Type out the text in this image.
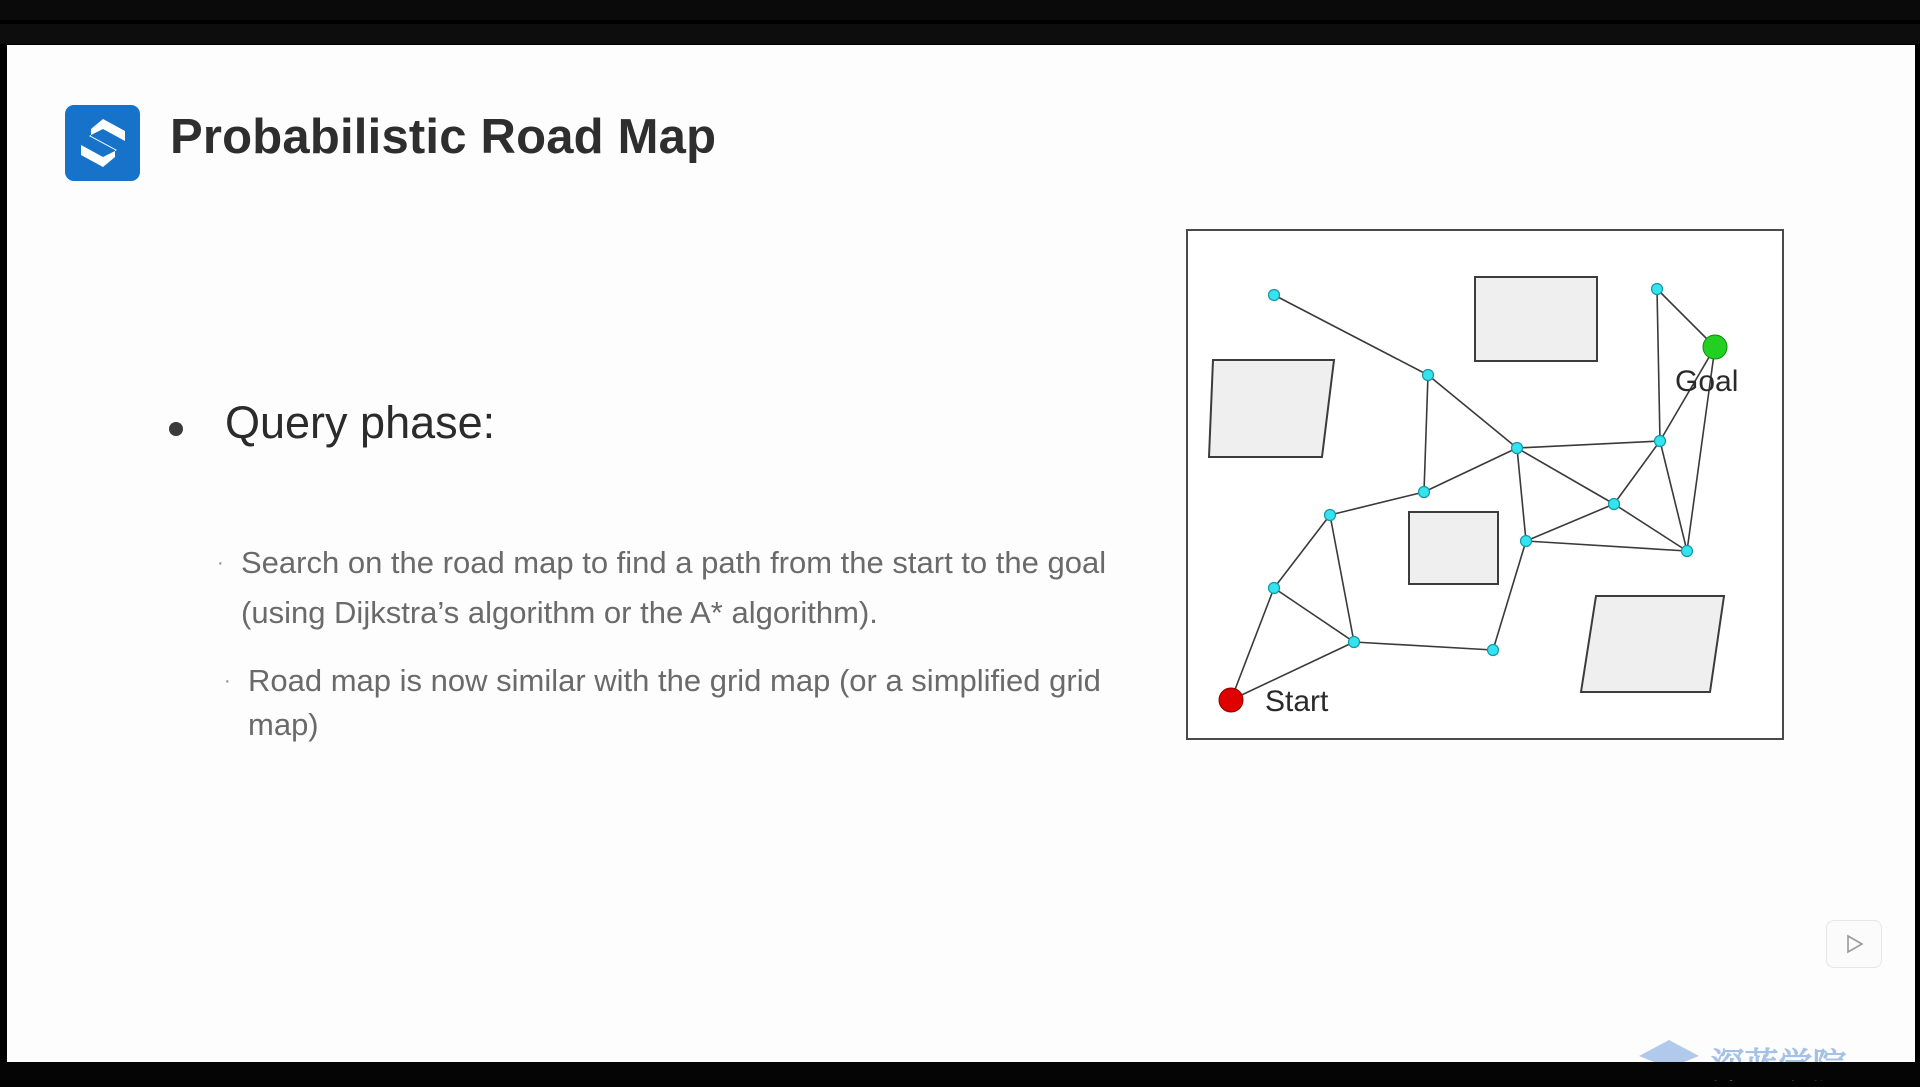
Probabilistic Road Map
Query phase:
· Search on the road map to find a path from the start to the goal (using Dijkstra’s algorithm or the A* algorithm).
· Road map is now similar with the grid map (or a simplified grid map)
Start
Goal
